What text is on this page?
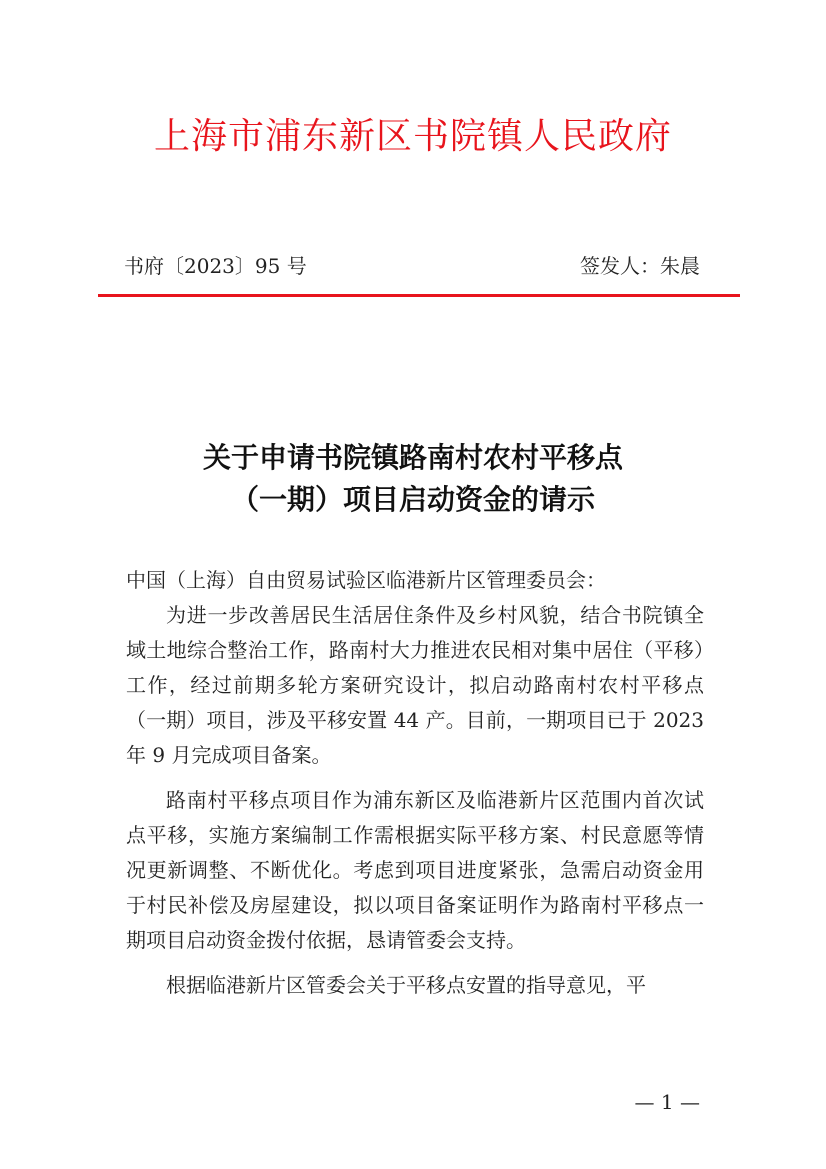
上海市浦东新区书院镇人民政府
书府〔2023〕95 号	签发人：朱晨
关于申请书院镇路南村农村平移点
（一期）项目启动资金的请示
中国（上海）自由贸易试验区临港新片区管理委员会：

为进一步改善居民生活居住条件及乡村风貌，结合书院镇全域土地综合整治工作，路南村大力推进农民相对集中居住（平移）工作，经过前期多轮方案研究设计，拟启动路南村农村平移点（一期）项目，涉及平移安置 44 产。目前，一期项目已于 2023 年 9 月完成项目备案。

路南村平移点项目作为浦东新区及临港新片区范围内首次试点平移，实施方案编制工作需根据实际平移方案、村民意愿等情况更新调整、不断优化。考虑到项目进度紧张，急需启动资金用于村民补偿及房屋建设，拟以项目备案证明作为路南村平移点一期项目启动资金拨付依据，恳请管委会支持。

根据临港新片区管委会关于平移点安置的指导意见，平

— 1 —
